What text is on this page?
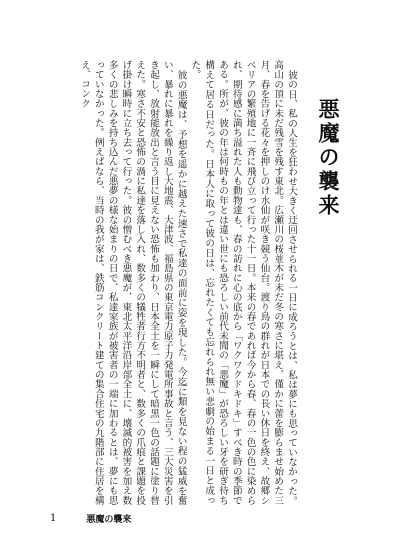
悪魔の襲来

彼の日、私の人生を狂わせ大きく迂回させられる一日に成ろうとは、私は夢にも思っていなかった。高山の頂に未だ残雪を残す東北。広瀬川の桜並木が未だ冬の寒さに堪え、僅かに蕾を膨らませ始めた三月、春を告げる花々を押しのけ水仙が咲き競う仙台。渡り鳥の群れが日本での長い休日を終え、故郷シベリアの繁殖地に一斉に飛び立って行った十一日。本来の春であれば今から春、春の一色の色に染められ、期待感に満ち溢れた人も動物達も、春の訪れに心の底から「ワクワクドキドキ」すべき時の季節である。所が、彼の年は何時もの年とは違い世にも恐ろしい前代未聞の「悪魔」が恐ろしい牙を研ぎ待ち構えて居る日だった。日本人に取って彼の日は、忘れたくても忘れられ無い悲劇の始まる一日と成った。

彼の悪魔は、予想を遥かに越えた速さで私達の面前に姿を現した。今迄に類を見ない程の猛威を奮い、暴れに暴れを繰り返し大地震、大津波、福島県の東京電力原子力発電所事故と言う、三大災害を引き起し、放射能放出と言う目に見えない恐怖も加わり、日本全土を一瞬にして暗黒一色の話題に塗り替えた。寒さ不安と恐怖の渦に私達を落し入れ、数多くの犠牲者行方不明者と、数多くの爪痕と課題を投げ掛け瞬時に立ち去って行った。彼の憎むべき悪魔が、東北太平洋沿岸部全土に、壊滅的被害を加え数多くの悲しみを持ち込んだ悪夢の様な始まりの日で、私達家族が被害者の一端に加わるとは、夢にも思っていなかった。例えばなら、当時の我が家は、鉄筋コンクリート建ての集合住宅の九階部に住居を構え、コンク

1	悪魔の襲来
